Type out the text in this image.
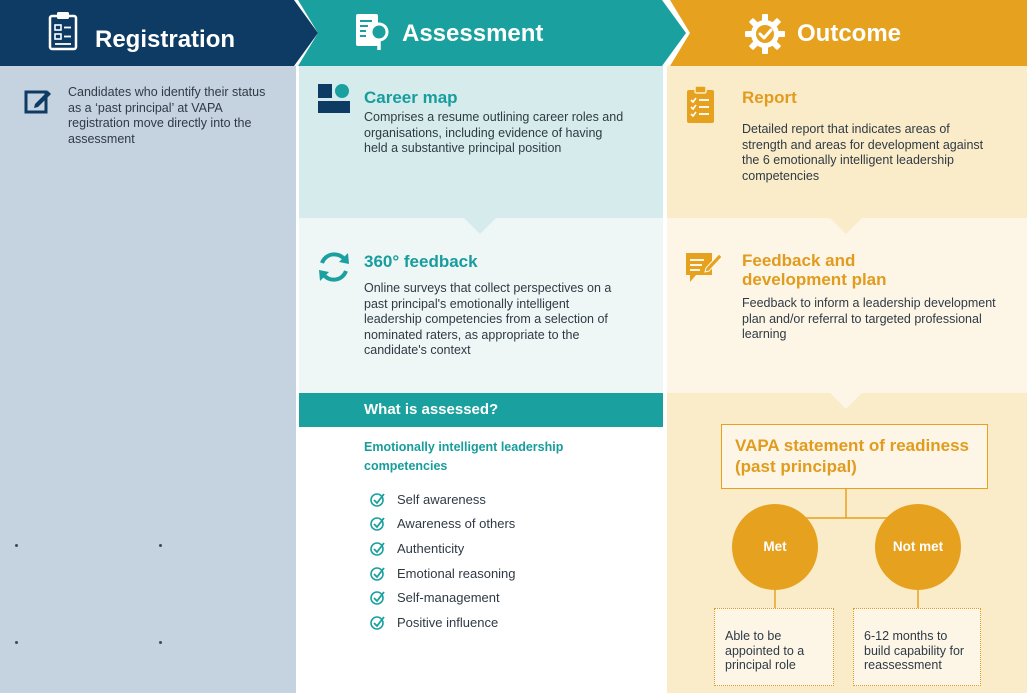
Registration	Assessment	Outcome
Candidates who identify their status as a ‘past principal’ at VAPA registration move directly into the assessment
Career map
Comprises a resume outlining career roles and organisations, including evidence of having held a substantive principal position
360° feedback
Online surveys that collect perspectives on a past principal's emotionally intelligent leadership competencies from a selection of nominated raters, as appropriate to the candidate's context
What is assessed?
Emotionally intelligent leadership competencies
Self awareness
Awareness of others
Authenticity
Emotional reasoning
Self-management
Positive influence
Report
Detailed report that indicates areas of strength and areas for development against the 6 emotionally intelligent leadership competencies
Feedback and development plan
Feedback to inform a leadership development plan and/or referral to targeted professional learning
VAPA statement of readiness (past principal)
Met	Not met
Able to be appointed to a principal role
6-12 months to build capability for reassessment
